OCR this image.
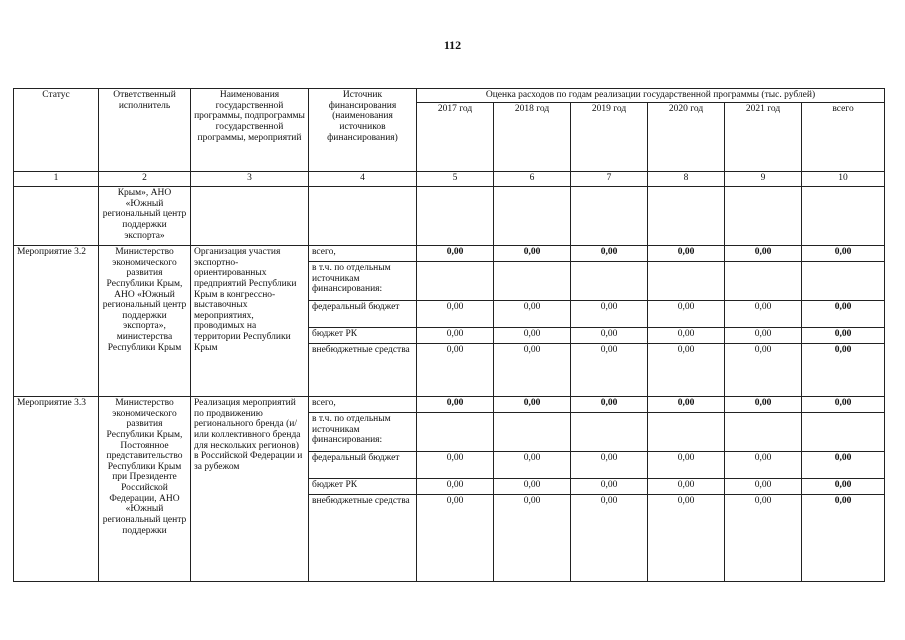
112
Статус	Ответственный исполнитель	Наименования государственной программы, подпрограммы государственной программы, мероприятий	Источник финансирования (наименования источников финансирования)	Оценка расходов по годам реализации государственной программы (тыс. рублей)					
				2017 год	2018 год	2019 год	2020 год	2021 год	всего
1	2	3	4	5	6	7	8	9	10
	Крым», АНО «Южный региональный центр поддержки экспорта»								
Мероприятие 3.2	Министерство экономического развития Республики Крым, АНО «Южный региональный центр поддержки экспорта», министерства Республики Крым	Организация участия экспортно-ориентированных предприятий Республики Крым в конгрессно-выставочных мероприятиях, проводимых на территории Республики Крым	всего,	0,00	0,00	0,00	0,00	0,00	0,00
			в т.ч. по отдельным источникам финансирования:						
			федеральный бюджет	0,00	0,00	0,00	0,00	0,00	0,00
			бюджет РК	0,00	0,00	0,00	0,00	0,00	0,00
			внебюджетные средства	0,00	0,00	0,00	0,00	0,00	0,00
Мероприятие 3.3	Министерство экономического развития Республики Крым, Постоянное представительство Республики Крым при Президенте Российской Федерации, АНО «Южный региональный центр поддержки	Реализация мероприятий по продвижению регионального бренда (и/или коллективного бренда для нескольких регионов) в Российской Федерации и за рубежом	всего,	0,00	0,00	0,00	0,00	0,00	0,00
			в т.ч. по отдельным источникам финансирования:						
			федеральный бюджет	0,00	0,00	0,00	0,00	0,00	0,00
			бюджет РК	0,00	0,00	0,00	0,00	0,00	0,00
			внебюджетные средства	0,00	0,00	0,00	0,00	0,00	0,00
